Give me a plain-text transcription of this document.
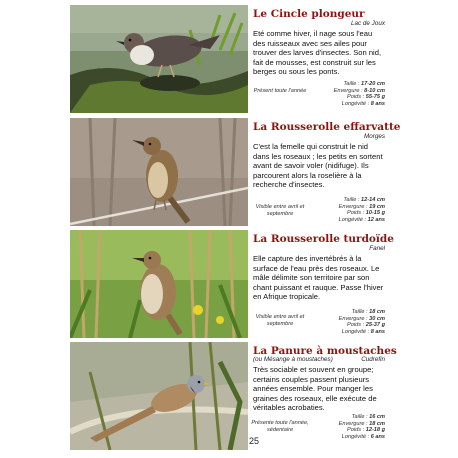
Le Cincle plongeur
Lac de Joux
Eté comme hiver, il nage sous l'eau des ruisseaux avec ses ailes pour trouver des larves d'insectes. Son nid, fait de mousses, est construit sur les berges ou sous les ponts.
Présent toute l'année
Taille : 17-20 cm
Envergure : 8-10 cm
Poids : 55-75 g
Longévité : 8 ans
La Rousserolle effarvatte
Morges
C'est la femelle qui construit le nid dans les roseaux ; les petits en sortent avant de savoir voler (nidifuge). Ils parcourent alors la roselière à la recherche d'insectes.
Visible entre avril et septembre
Taille : 12-14 cm
Envergure : 19 cm
Poids : 10-15 g
Longévité : 12 ans
La Rousserolle turdoïde
Fanel
Elle capture des invertébrés à la surface de l'eau près des roseaux. Le mâle délimite son territoire par son chant puissant et rauque. Passe l'hiver en Afrique tropicale.
Visible entre avril et septembre
Taille : 18 cm
Envergure : 30 cm
Poids : 25-37 g
Longévité : 8 ans
La Panure à moustaches
Cudrefin
(ou Mésange à moustaches)
Très sociable et souvent en groupe; certains couples passent plusieurs années ensemble. Pour manger les graines des roseaux, elle exécute de véritables acrobaties.
Présente toute l'année, sédentaire
Taille : 16 cm
Envergure : 18 cm
Poids : 12-18 g
Longévité : 6 ans
25
